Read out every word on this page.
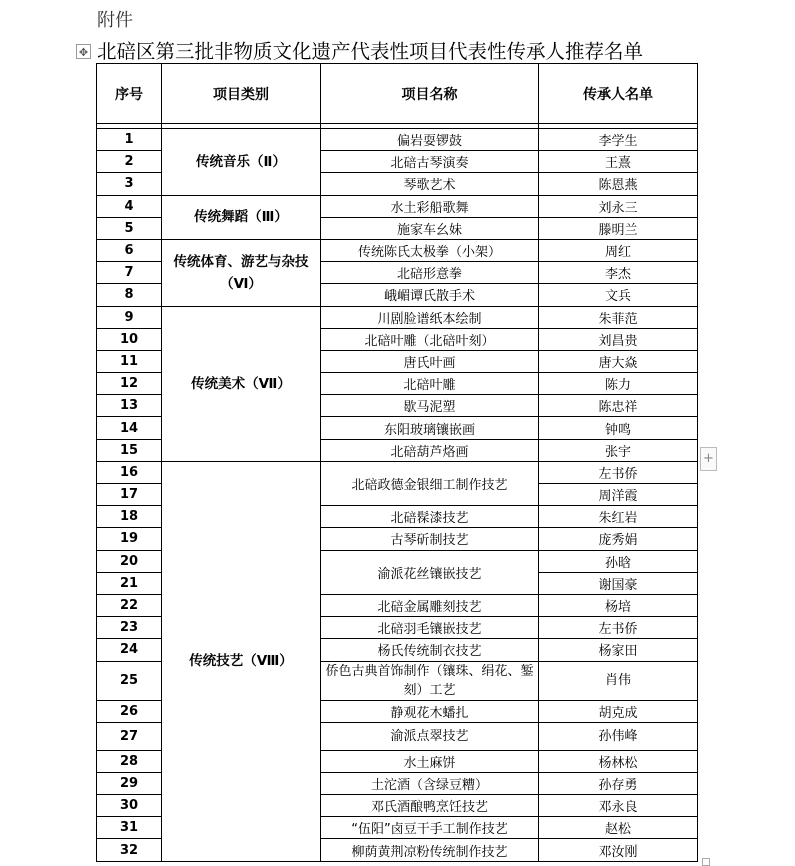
附件
✥ 北碚区第三批非物质文化遗产代表性项目代表性传承人推荐名单
序号	项目类别	项目名称	传承人名单

1	传统音乐（Ⅱ）	偏岩耍锣鼓	李学生
2		北碚古琴演奏	王熹
3		琴歌艺术	陈恩燕
4	传统舞蹈（Ⅲ）	水土彩船歌舞	刘永三
5		施家车幺妹	滕明兰
6	传统体育、游艺与杂技（Ⅵ）	传统陈氏太极拳（小架）	周红
7		北碚形意拳	李杰
8		峨嵋谭氏散手术	文兵
9	传统美术（Ⅶ）	川剧脸谱纸本绘制	朱菲范
10		北碚叶雕（北碚叶刻）	刘昌贵
11		唐氏叶画	唐大焱
12		北碚叶雕	陈力
13		歇马泥塑	陈忠祥
14		东阳玻璃镶嵌画	钟鸣
15		北碚葫芦烙画	张宇
16	传统技艺（Ⅷ）	北碚政德金银细工制作技艺	左书侨
17			周洋霞
18		北碚髹漆技艺	朱红岩
19		古琴斫制技艺	庞秀娟
20		渝派花丝镶嵌技艺	孙晗
21			谢国豪
22		北碚金属雕刻技艺	杨培
23		北碚羽毛镶嵌技艺	左书侨
24		杨氏传统制衣技艺	杨家田
25		侨色古典首饰制作（镶珠、绢花、錾刻）工艺	肖伟
26		静观花木蟠扎	胡克成
27		渝派点翠技艺	孙伟峰
28		水土麻饼	杨林松
29		土沱酒（含绿豆糟）	孙存勇
30		邓氏酒酿鸭烹饪技艺	邓永良
31		“伍阳”卤豆干手工制作技艺	赵松
32		柳荫黄荆凉粉传统制作技艺	邓汝刚
+
